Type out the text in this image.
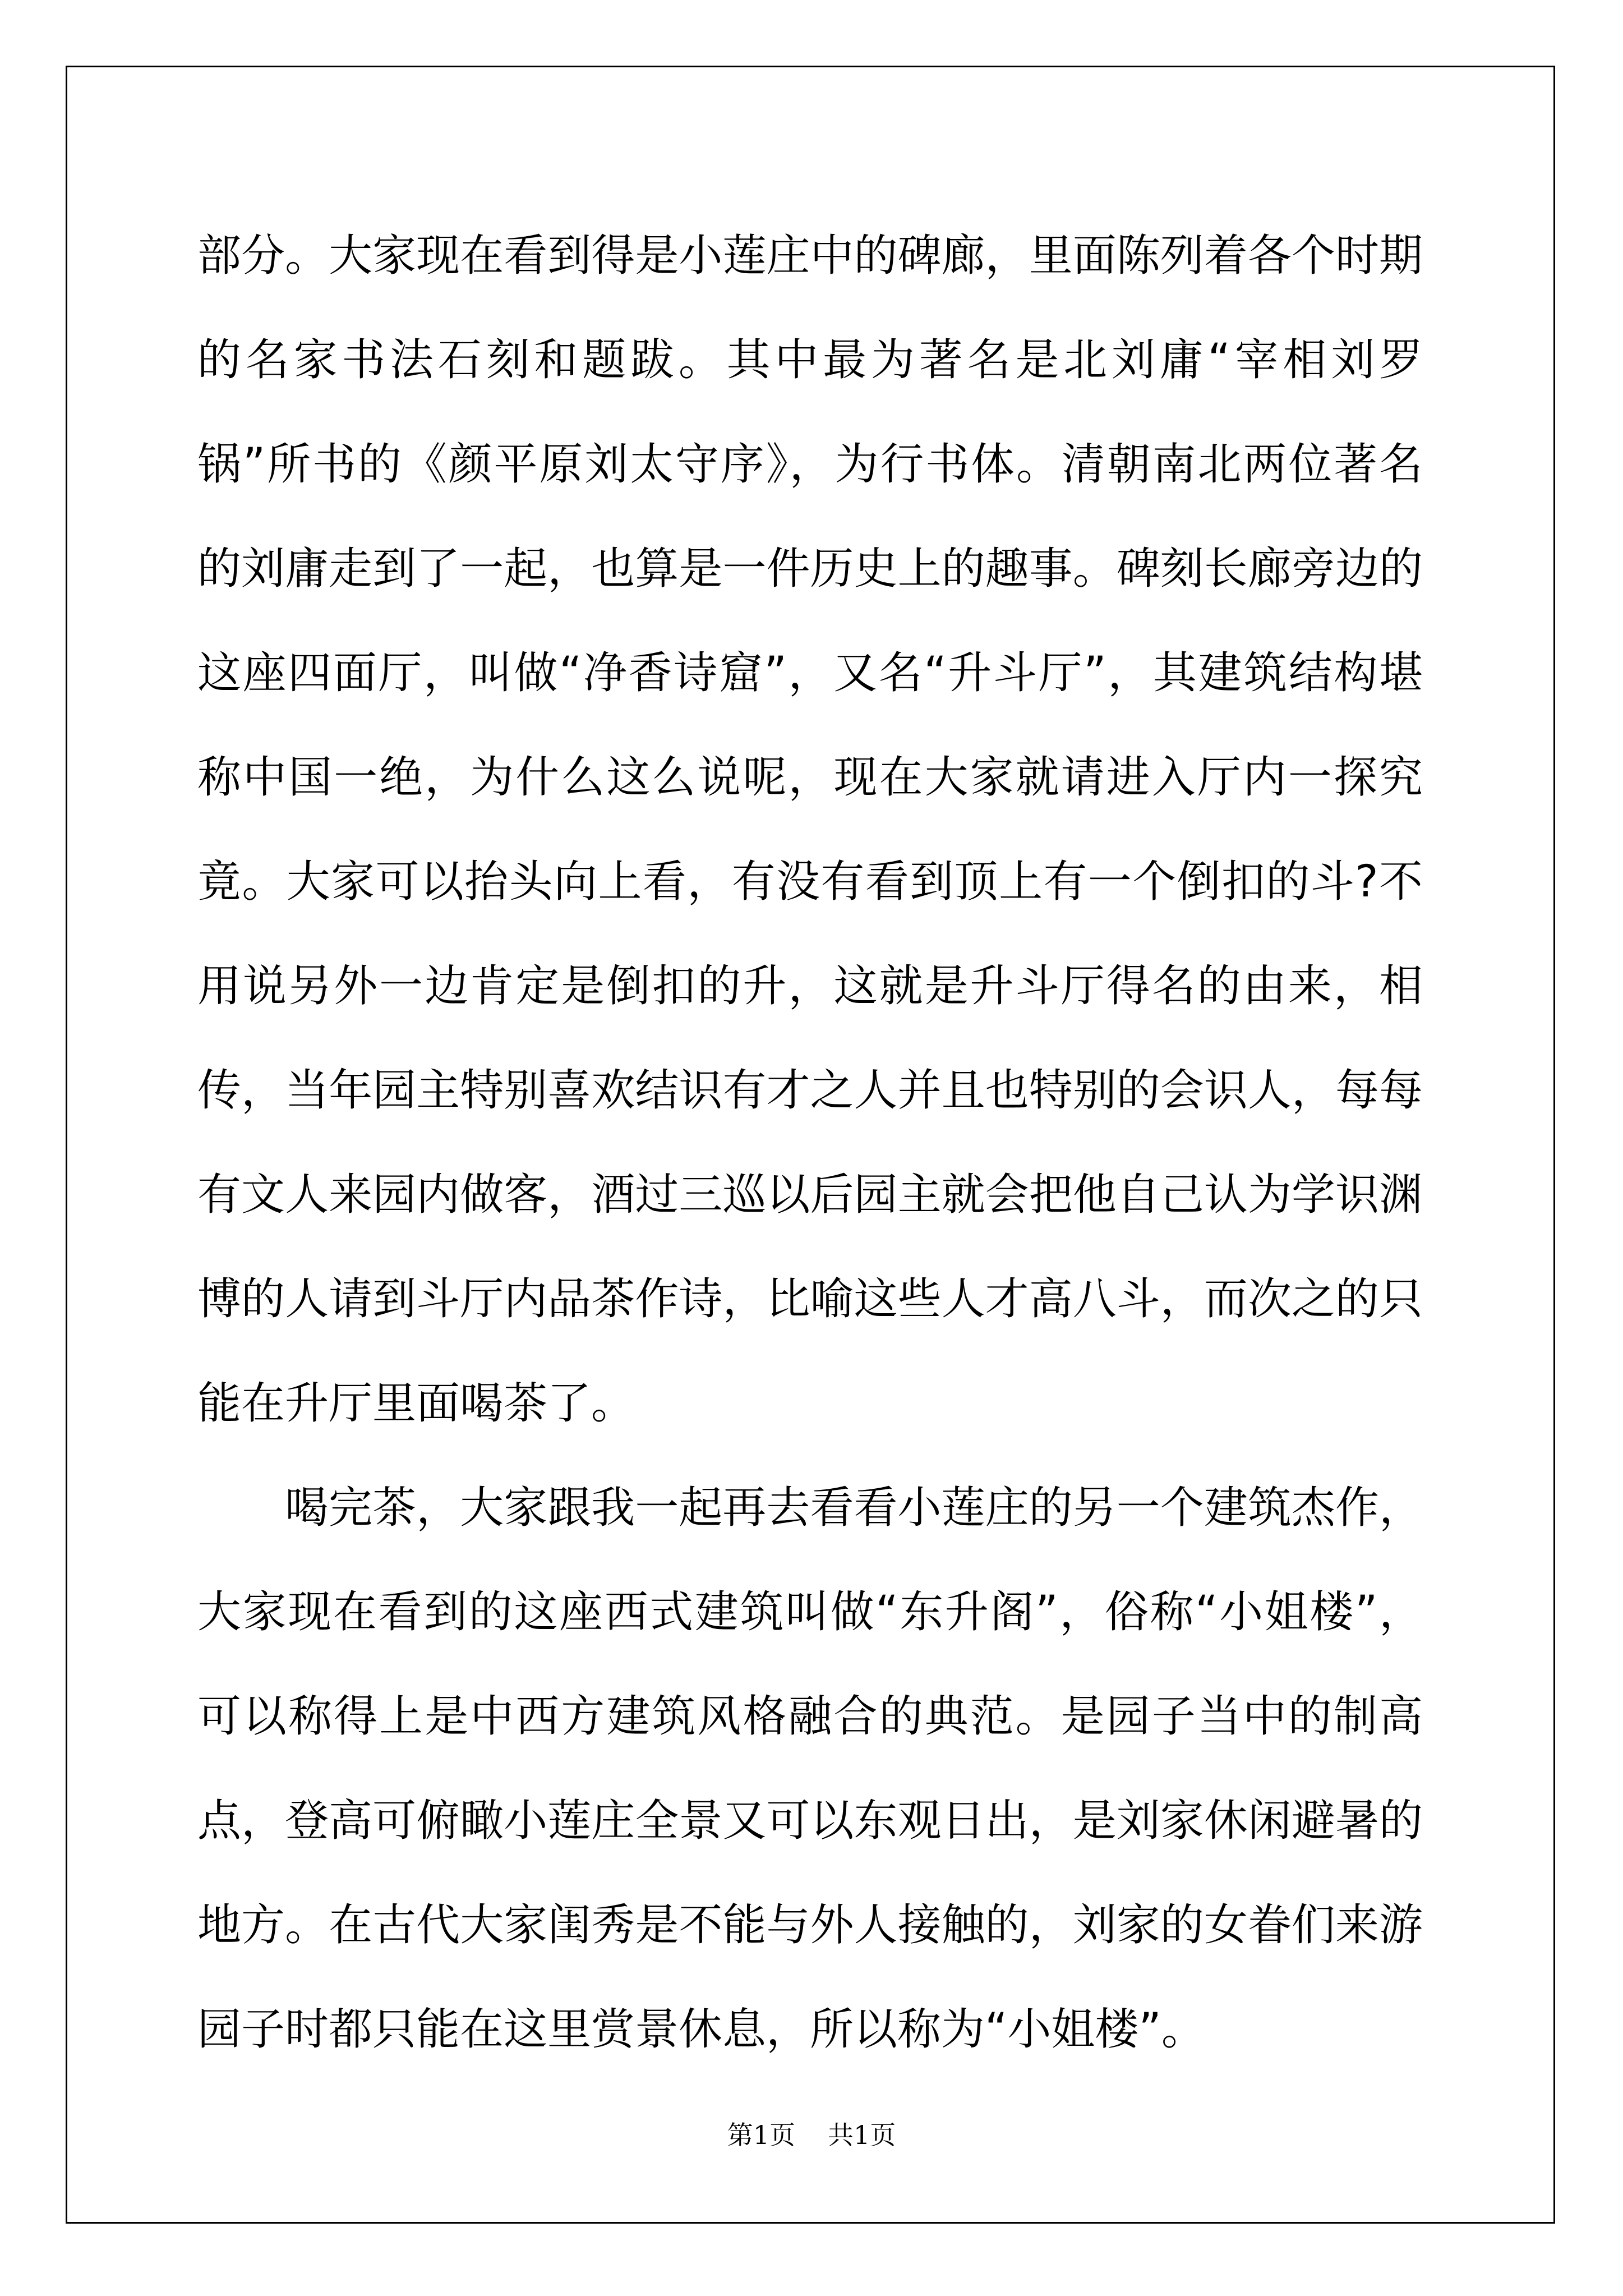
部分。大家现在看到得是小莲庄中的碑廊，里面陈列着各个时期的名家书法石刻和题跋。其中最为著名是北刘庸“宰相刘罗锅”所书的《颜平原刘太守序》，为行书体。清朝南北两位著名的刘庸走到了一起，也算是一件历史上的趣事。碑刻长廊旁边的这座四面厅，叫做“净香诗窟”，又名“升斗厅”，其建筑结构堪称中国一绝，为什么这么说呢，现在大家就请进入厅内一探究竟。大家可以抬头向上看，有没有看到顶上有一个倒扣的斗?不用说另外一边肯定是倒扣的升，这就是升斗厅得名的由来，相传，当年园主特别喜欢结识有才之人并且也特别的会识人，每每有文人来园内做客，酒过三巡以后园主就会把他自己认为学识渊博的人请到斗厅内品茶作诗，比喻这些人才高八斗，而次之的只能在升厅里面喝茶了。

喝完茶，大家跟我一起再去看看小莲庄的另一个建筑杰作，大家现在看到的这座西式建筑叫做“东升阁”，俗称“小姐楼”，可以称得上是中西方建筑风格融合的典范。是园子当中的制高点，登高可俯瞰小莲庄全景又可以东观日出，是刘家休闲避暑的地方。在古代大家闺秀是不能与外人接触的，刘家的女眷们来游园子时都只能在这里赏景休息，所以称为“小姐楼”。

第1页 共1页
